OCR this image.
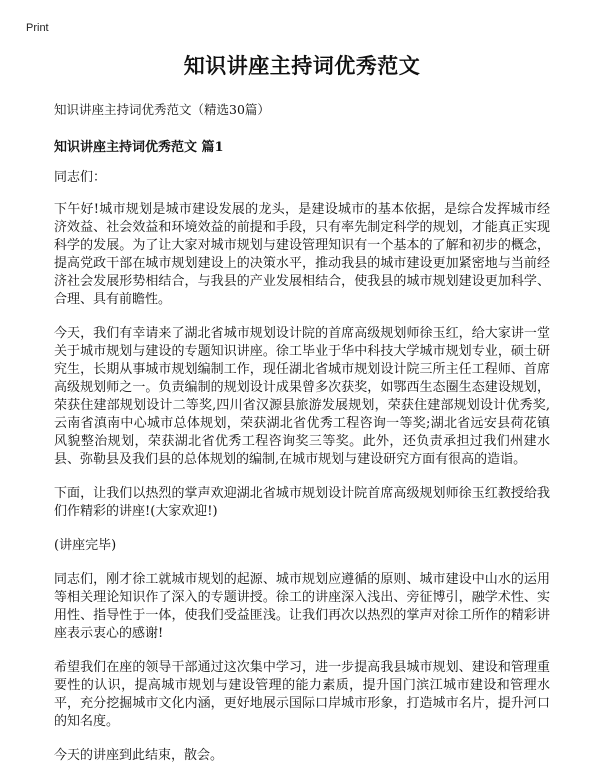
Print
知识讲座主持词优秀范文
知识讲座主持词优秀范文（精选30篇）
知识讲座主持词优秀范文 篇1

同志们：

下午好!城市规划是城市建设发展的龙头，是建设城市的基本依据，是综合发挥城市经济效益、社会效益和环境效益的前提和手段，只有率先制定科学的规划，才能真正实现科学的发展。为了让大家对城市规划与建设管理知识有一个基本的了解和初步的概念，提高党政干部在城市规划建设上的决策水平，推动我县的城市建设更加紧密地与当前经济社会发展形势相结合，与我县的产业发展相结合，使我县的城市规划建设更加科学、合理、具有前瞻性。

今天，我们有幸请来了湖北省城市规划设计院的首席高级规划师徐玉红，给大家讲一堂关于城市规划与建设的专题知识讲座。徐工毕业于华中科技大学城市规划专业，硕士研究生，长期从事城市规划编制工作，现任湖北省城市规划设计院三所主任工程师、首席高级规划师之一。负责编制的规划设计成果曾多次获奖，如鄂西生态圈生态建设规划，荣获住建部规划设计二等奖,四川省汉源县旅游发展规划，荣获住建部规划设计优秀奖,云南省滇南中心城市总体规划，荣获湖北省优秀工程咨询一等奖;湖北省远安县荷花镇风貌整治规划，荣获湖北省优秀工程咨询奖三等奖。此外，还负责承担过我们州建水县、弥勒县及我们县的总体规划的编制,在城市规划与建设研究方面有很高的造诣。

下面，让我们以热烈的掌声欢迎湖北省城市规划设计院首席高级规划师徐玉红教授给我们作精彩的讲座!(大家欢迎!)

(讲座完毕)

同志们，刚才徐工就城市规划的起源、城市规划应遵循的原则、城市建设中山水的运用等相关理论知识作了深入的专题讲授。徐工的讲座深入浅出、旁征博引，融学术性、实用性、指导性于一体，使我们受益匪浅。让我们再次以热烈的掌声对徐工所作的精彩讲座表示衷心的感谢!

希望我们在座的领导干部通过这次集中学习，进一步提高我县城市规划、建设和管理重要性的认识，提高城市规划与建设管理的能力素质，提升国门滨江城市建设和管理水平，充分挖掘城市文化内涵，更好地展示国际口岸城市形象，打造城市名片，提升河口的知名度。

今天的讲座到此结束，散会。
